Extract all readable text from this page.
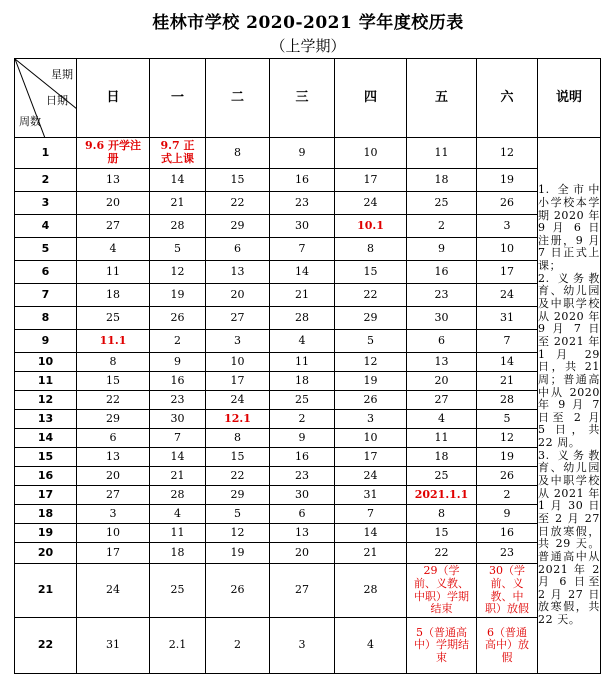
桂林市学校 2020-2021 学年度校历表
（上学期）
星期
日期
周数	日	一	二	三	四	五	六	说明
1	9.6 开学注册	9.7 正式上课	8	9	10	11	12	1. 全市中小学校本学期 2020 年 9 月 6 日注册，9 月 7 日正式上课；
2. 义务教育、幼儿园及中职学校从 2020 年 9 月 7 日至 2021 年 1 月 29 日，共 21 周；普通高中从 2020 年 9 月 7 日至 2 月 5 日，共 22 周。
3. 义务教育、幼儿园及中职学校从 2021 年 1 月 30 日至 2 月 27 日放寒假，共 29 天。普通高中从 2021 年 2 月 6 日至 2 月 27 日放寒假，共 22 天。

2	13	14	15	16	17	18	19	
3	20	21	22	23	24	25	26	
4	27	28	29	30	10.1	2	3	
5	4	5	6	7	8	9	10	
6	11	12	13	14	15	16	17	
7	18	19	20	21	22	23	24	
8	25	26	27	28	29	30	31	
9	11.1	2	3	4	5	6	7	
10	8	9	10	11	12	13	14	
11	15	16	17	18	19	20	21	
12	22	23	24	25	26	27	28	
13	29	30	12.1	2	3	4	5	
14	6	7	8	9	10	11	12	
15	13	14	15	16	17	18	19	
16	20	21	22	23	24	25	26	
17	27	28	29	30	31	2021.1.1	2	
18	3	4	5	6	7	8	9	
19	10	11	12	13	14	15	16	
20	17	18	19	20	21	22	23	
21	24	25	26	27	28	29（学前、义教、中职）学期结束	30（学前、义教、中职）放假	
22	31	2.1	2	3	4	5（普通高中）学期结束	6（普通高中）放假	
